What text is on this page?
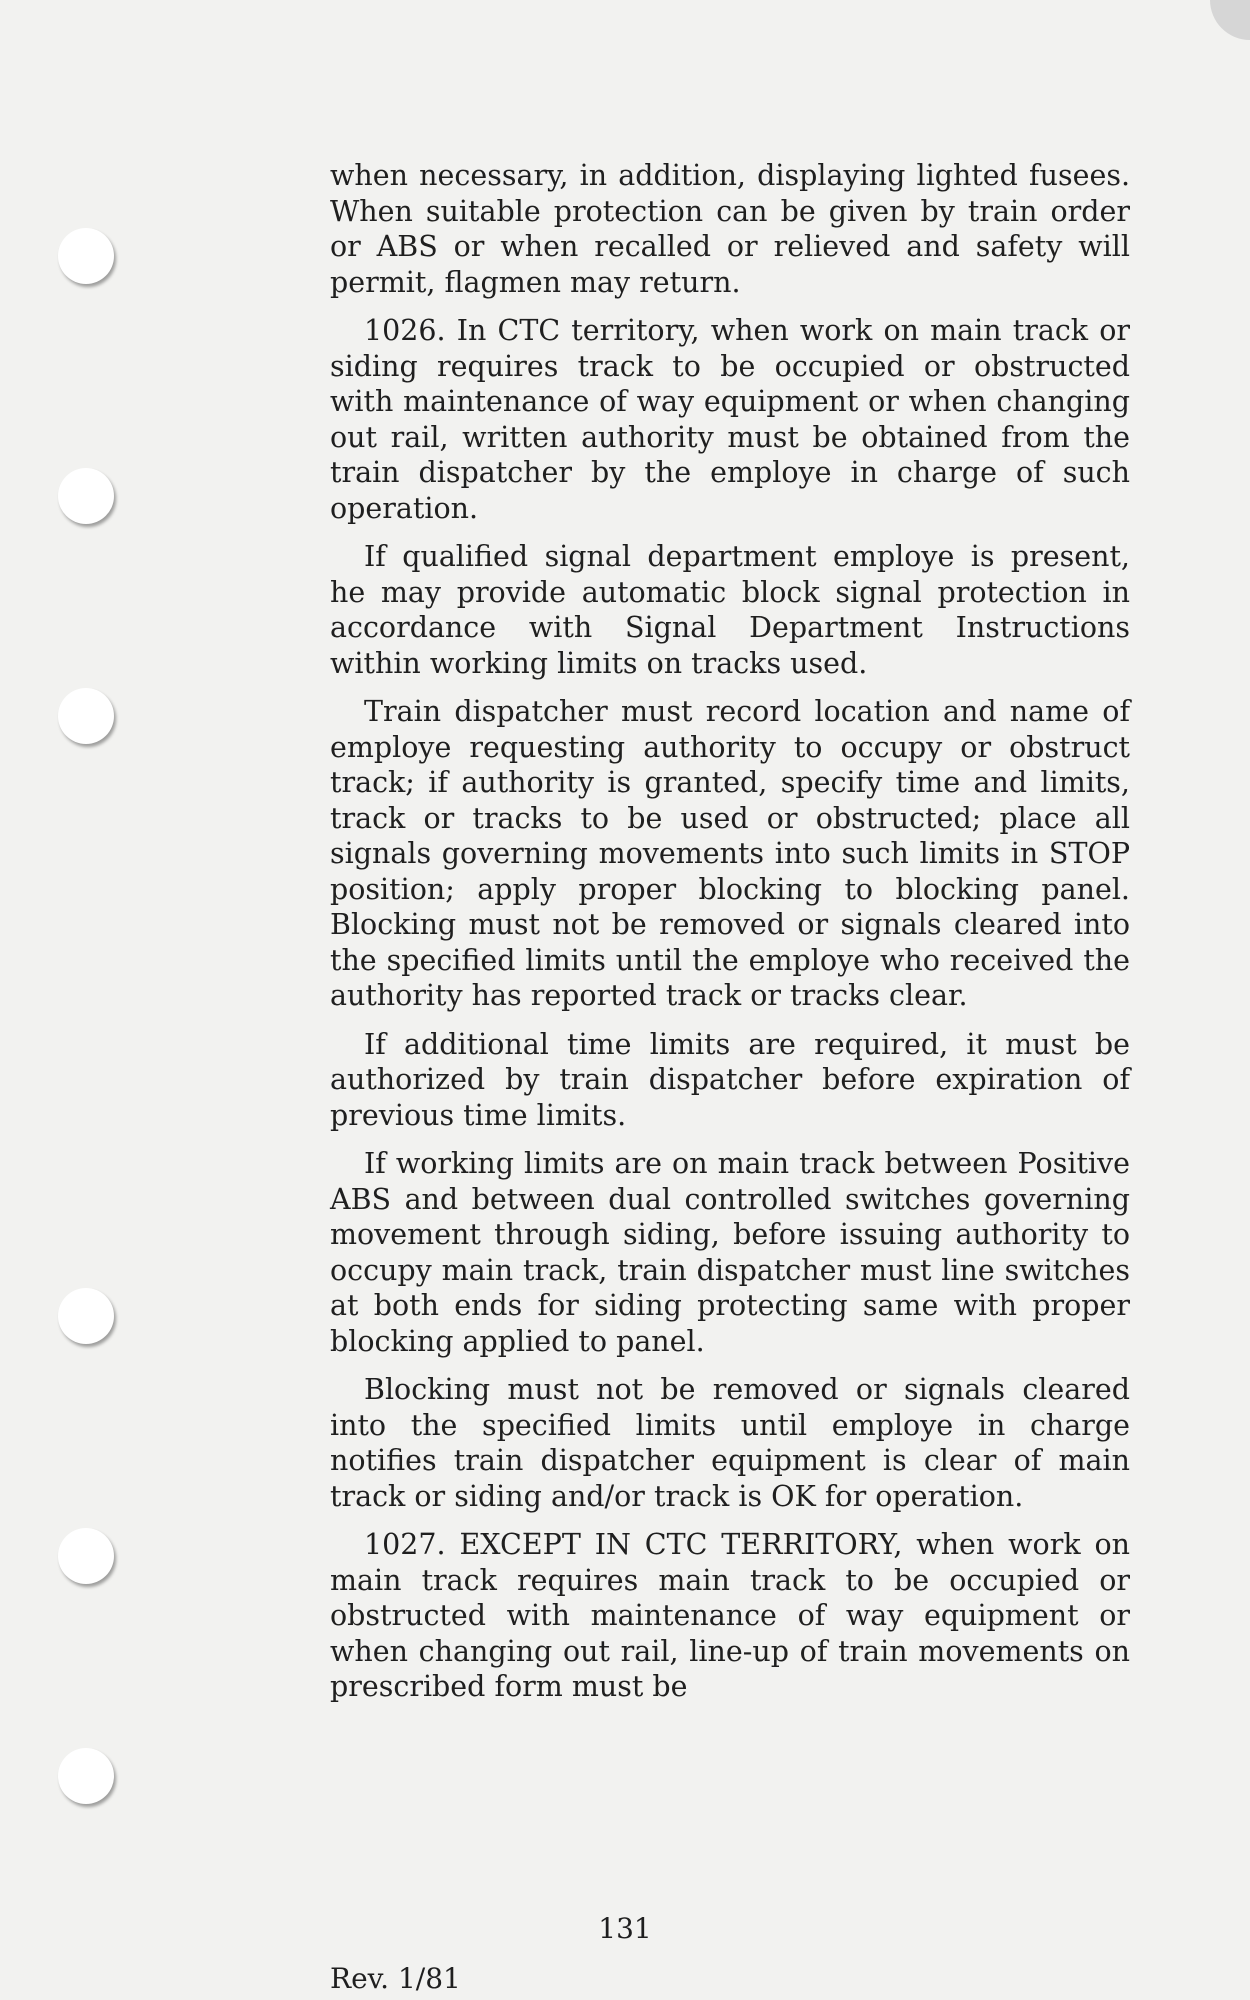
when necessary, in addition, displaying lighted fusees. When suitable protection can be given by train order or ABS or when recalled or relieved and safety will permit, flagmen may return.

1026. In CTC territory, when work on main track or siding requires track to be occupied or obstructed with maintenance of way equipment or when changing out rail, written authority must be obtained from the train dispatcher by the employe in charge of such operation.

If qualified signal department employe is present, he may provide automatic block signal protection in accordance with Signal Department Instructions within working limits on tracks used.

Train dispatcher must record location and name of employe requesting authority to occupy or obstruct track; if authority is granted, specify time and limits, track or tracks to be used or obstructed; place all signals governing movements into such limits in STOP position; apply proper blocking to blocking panel. Blocking must not be removed or signals cleared into the specified limits until the employe who received the authority has reported track or tracks clear.

If additional time limits are required, it must be authorized by train dispatcher before expiration of previous time limits.

If working limits are on main track between Positive ABS and between dual controlled switches governing movement through siding, before issuing authority to occupy main track, train dispatcher must line switches at both ends for siding protecting same with proper blocking applied to panel.

Blocking must not be removed or signals cleared into the specified limits until employe in charge notifies train dispatcher equipment is clear of main track or siding and/or track is OK for operation.

1027. EXCEPT IN CTC TERRITORY, when work on main track requires main track to be occupied or obstructed with maintenance of way equipment or when changing out rail, line-up of train movements on prescribed form must be

131
Rev. 1/81
